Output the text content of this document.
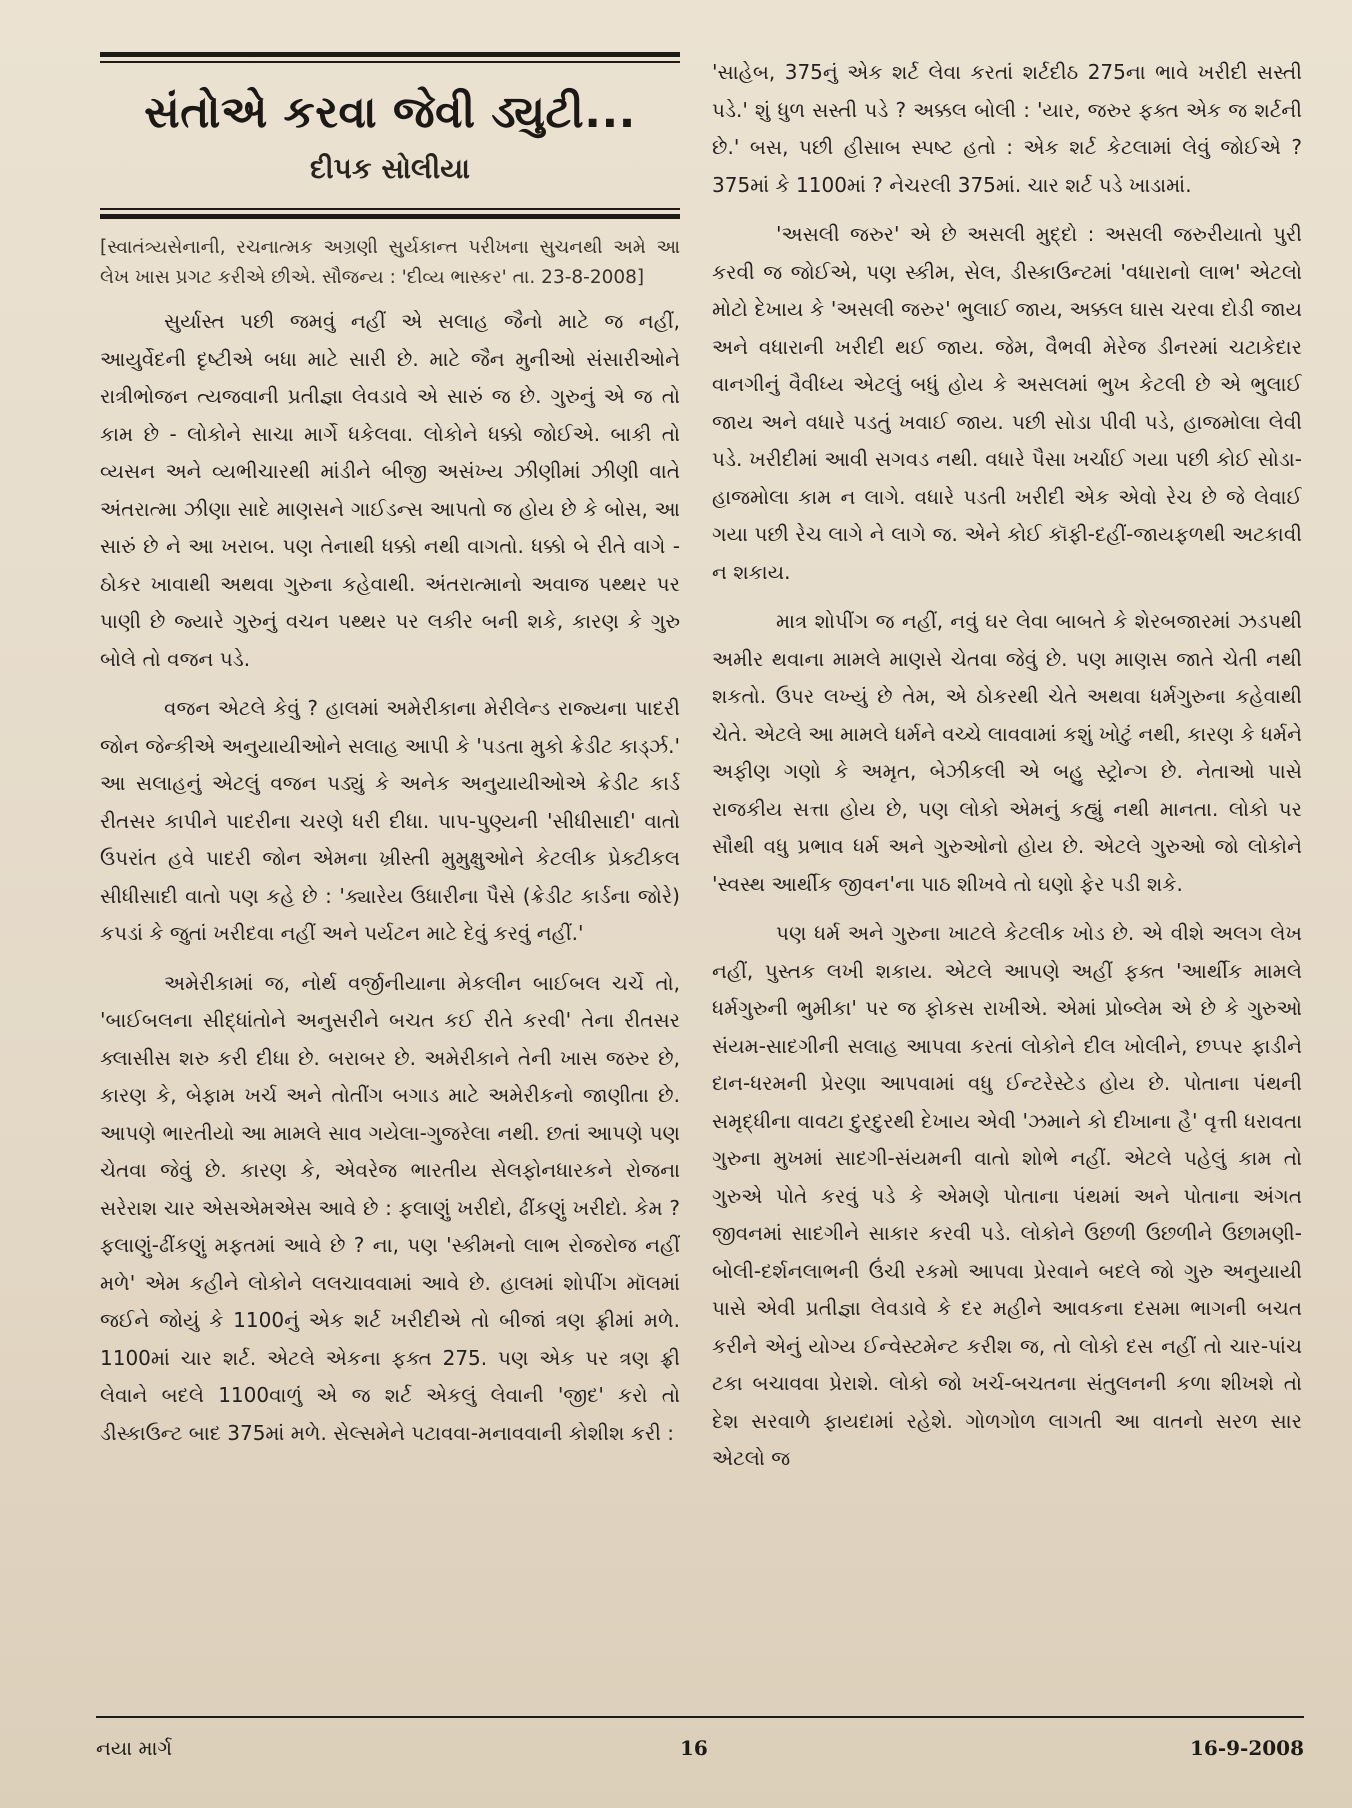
સંતોએ કરવા જેવી ડ્યુટી...
દીપક સોલીયા

[સ્વાતંત્ર્યસેનાની, રચનાત્મક અગ્રણી સુર્યકાન્ત પરીખના સુચનથી અમે આ લેખ ખાસ પ્રગટ કરીએ છીએ. સૌજન્ય : 'દીવ્ય ભાસ્કર' તા. 23-8-2008]

સુર્યાસ્ત પછી જમવું નહીં એ સલાહ જૈનો માટે જ નહીં, આયુર્વેદની દૃષ્ટીએ બધા માટે સારી છે. માટે જૈન મુનીઓ સંસારીઓને રાત્રીભોજન ત્યજવાની પ્રતીજ્ઞા લેવડાવે એ સારું જ છે. ગુરુનું એ જ તો કામ છે - લોકોને સાચા માર્ગે ધકેલવા. લોકોને ધક્કો જોઈએ. બાકી તો વ્યસન અને વ્યભીચારથી માંડીને બીજી અસંખ્ય ઝીણીમાં ઝીણી વાતે અંતરાત્મા ઝીણા સાદે માણસને ગાઈડન્સ આપતો જ હોય છે કે બોસ, આ સારું છે ને આ ખરાબ. પણ તેનાથી ધક્કો નથી વાગતો. ધક્કો બે રીતે વાગે - ઠોકર ખાવાથી અથવા ગુરુના કહેવાથી. અંતરાત્માનો અવાજ પથ્થર પર પાણી છે જ્યારે ગુરુનું વચન પથ્થર પર લકીર બની શકે, કારણ કે ગુરુ બોલે તો વજન પડે.

વજન એટલે કેવું ? હાલમાં અમેરીકાના મેરીલેન્ડ રાજ્યના પાદરી જોન જેન્કીએ અનુયાયીઓને સલાહ આપી કે 'પડતા મુકો ક્રેડીટ કાર્ડ્ઝ.' આ સલાહનું એટલું વજન પડ્યું કે અનેક અનુયાયીઓએ ક્રેડીટ કાર્ડ રીતસર કાપીને પાદરીના ચરણે ધરી દીધા. પાપ-પુણ્યની 'સીધીસાદી' વાતો ઉપરાંત હવે પાદરી જોન એમના ખ્રીસ્તી મુમુક્ષુઓને કેટલીક પ્રેક્ટીકલ સીધીસાદી વાતો પણ કહે છે : 'ક્યારેય ઉધારીના પૈસે (ક્રેડીટ કાર્ડના જોરે) કપડાં કે જુતાં ખરીદવા નહીં અને પર્યટન માટે દેવું કરવું નહીં.'

અમેરીકામાં જ, નોર્થ વર્જીનીયાના મેકલીન બાઈબલ ચર્ચે તો, 'બાઈબલના સીદ્ધાંતોને અનુસરીને બચત કઈ રીતે કરવી' તેના રીતસર ક્લાસીસ શરુ કરી દીધા છે. બરાબર છે. અમેરીકાને તેની ખાસ જરુર છે, કારણ કે, બેફામ ખર્ચ અને તોતીંગ બગાડ માટે અમેરીકનો જાણીતા છે. આપણે ભારતીયો આ મામલે સાવ ગયેલા-ગુજરેલા નથી. છતાં આપણે પણ ચેતવા જેવું છે. કારણ કે, એવરેજ ભારતીય સેલફોનધારકને રોજના સરેરાશ ચાર એસએમએસ આવે છે : ફલાણું ખરીદો, ઢીંકણું ખરીદો. કેમ ? ફલાણું-ઢીંકણું મફતમાં આવે છે ? ના, પણ 'સ્કીમનો લાભ રોજરોજ નહીં મળે' એમ કહીને લોકોને લલચાવવામાં આવે છે. હાલમાં શોપીંગ મૉલમાં જઈને જોયું કે 1100નું એક શર્ટ ખરીદીએ તો બીજાં ત્રણ ફ્રીમાં મળે. 1100માં ચાર શર્ટ. એટલે એકના ફક્ત 275. પણ એક પર ત્રણ ફ્રી લેવાને બદલે 1100વાળું એ જ શર્ટ એકલું લેવાની 'જીદ' કરો તો ડીસ્કાઉન્ટ બાદ 375માં મળે. સેલ્સમેને પટાવવા-મનાવવાની કોશીશ કરી :

'સાહેબ, 375નું એક શર્ટ લેવા કરતાં શર્ટદીઠ 275ના ભાવે ખરીદી સસ્તી પડે.' શું ધુળ સસ્તી પડે ? અક્કલ બોલી : 'યાર, જરુર ફક્ત એક જ શર્ટની છે.' બસ, પછી હીસાબ સ્પષ્ટ હતો : એક શર્ટ કેટલામાં લેવું જોઈએ ? 375માં કે 1100માં ? નેચરલી 375માં. ચાર શર્ટ પડે ખાડામાં.

'અસલી જરુર' એ છે અસલી મુદ્દો : અસલી જરુરીયાતો પુરી કરવી જ જોઈએ, પણ સ્કીમ, સેલ, ડીસ્કાઉન્ટમાં 'વધારાનો લાભ' એટલો મોટો દેખાય કે 'અસલી જરુર' ભુલાઈ જાય, અક્કલ ઘાસ ચરવા દોડી જાય અને વધારાની ખરીદી થઈ જાય. જેમ, વૈભવી મેરેજ ડીનરમાં ચટાકેદાર વાનગીનું વૈવીધ્ય એટલું બધું હોય કે અસલમાં ભુખ કેટલી છે એ ભુલાઈ જાય અને વધારે પડતું ખવાઈ જાય. પછી સોડા પીવી પડે, હાજમોલા લેવી પડે. ખરીદીમાં આવી સગવડ નથી. વધારે પૈસા ખર્ચાઈ ગયા પછી કોઈ સોડા-હાજમોલા કામ ન લાગે. વધારે પડતી ખરીદી એક એવો રેચ છે જે લેવાઈ ગયા પછી રેચ લાગે ને લાગે જ. એને કોઈ કૉફી-દહીં-જાયફળથી અટકાવી ન શકાય.

માત્ર શોપીંગ જ નહીં, નવું ઘર લેવા બાબતે કે શેરબજારમાં ઝડપથી અમીર થવાના મામલે માણસે ચેતવા જેવું છે. પણ માણસ જાતે ચેતી નથી શકતો. ઉપર લખ્યું છે તેમ, એ ઠોકરથી ચેતે અથવા ધર્મગુરુના કહેવાથી ચેતે. એટલે આ મામલે ધર્મને વચ્ચે લાવવામાં કશું ખોટું નથી, કારણ કે ધર્મને અફીણ ગણો કે અમૃત, બેઝીકલી એ બહુ સ્ટ્રોન્ગ છે. નેતાઓ પાસે રાજકીય સત્તા હોય છે, પણ લોકો એમનું કહ્યું નથી માનતા. લોકો પર સૌથી વધુ પ્રભાવ ધર્મ અને ગુરુઓનો હોય છે. એટલે ગુરુઓ જો લોકોને 'સ્વસ્થ આર્થીક જીવન'ના પાઠ શીખવે તો ઘણો ફેર પડી શકે.

પણ ધર્મ અને ગુરુના ખાટલે કેટલીક ખોડ છે. એ વીશે અલગ લેખ નહીં, પુસ્તક લખી શકાય. એટલે આપણે અહીં ફક્ત 'આર્થીક મામલે ધર્મગુરુની ભુમીકા' પર જ ફોકસ રાખીએ. એમાં પ્રોબ્લેમ એ છે કે ગુરુઓ સંયમ-સાદગીની સલાહ આપવા કરતાં લોકોને દીલ ખોલીને, છપ્પર ફાડીને દાન-ધરમની પ્રેરણા આપવામાં વધુ ઈન્ટરેસ્ટેડ હોય છે. પોતાના પંથની સમૃદ્ધીના વાવટા દુરદુરથી દેખાય એવી 'ઝમાને કો દીખાના હૈ' વૃત્તી ધરાવતા ગુરુના મુખમાં સાદગી-સંયમની વાતો શોભે નહીં. એટલે પહેલું કામ તો ગુરુએ પોતે કરવું પડે કે એમણે પોતાના પંથમાં અને પોતાના અંગત જીવનમાં સાદગીને સાકાર કરવી પડે. લોકોને ઉછળી ઉછળીને ઉછામણી-બોલી-દર્શનલાભની ઉંચી રકમો આપવા પ્રેરવાને બદલે જો ગુરુ અનુયાયી પાસે એવી પ્રતીજ્ઞા લેવડાવે કે દર મહીને આવકના દસમા ભાગની બચત કરીને એનું યોગ્ય ઈન્વેસ્ટમેન્ટ કરીશ જ, તો લોકો દસ નહીં તો ચાર-પાંચ ટકા બચાવવા પ્રેરાશે. લોકો જો ખર્ચ-બચતના સંતુલનની કળા શીખશે તો દેશ સરવાળે ફાયદામાં રહેશે. ગોળગોળ લાગતી આ વાતનો સરળ સાર એટલો જ

નયા માર્ગ	16	16-9-2008
